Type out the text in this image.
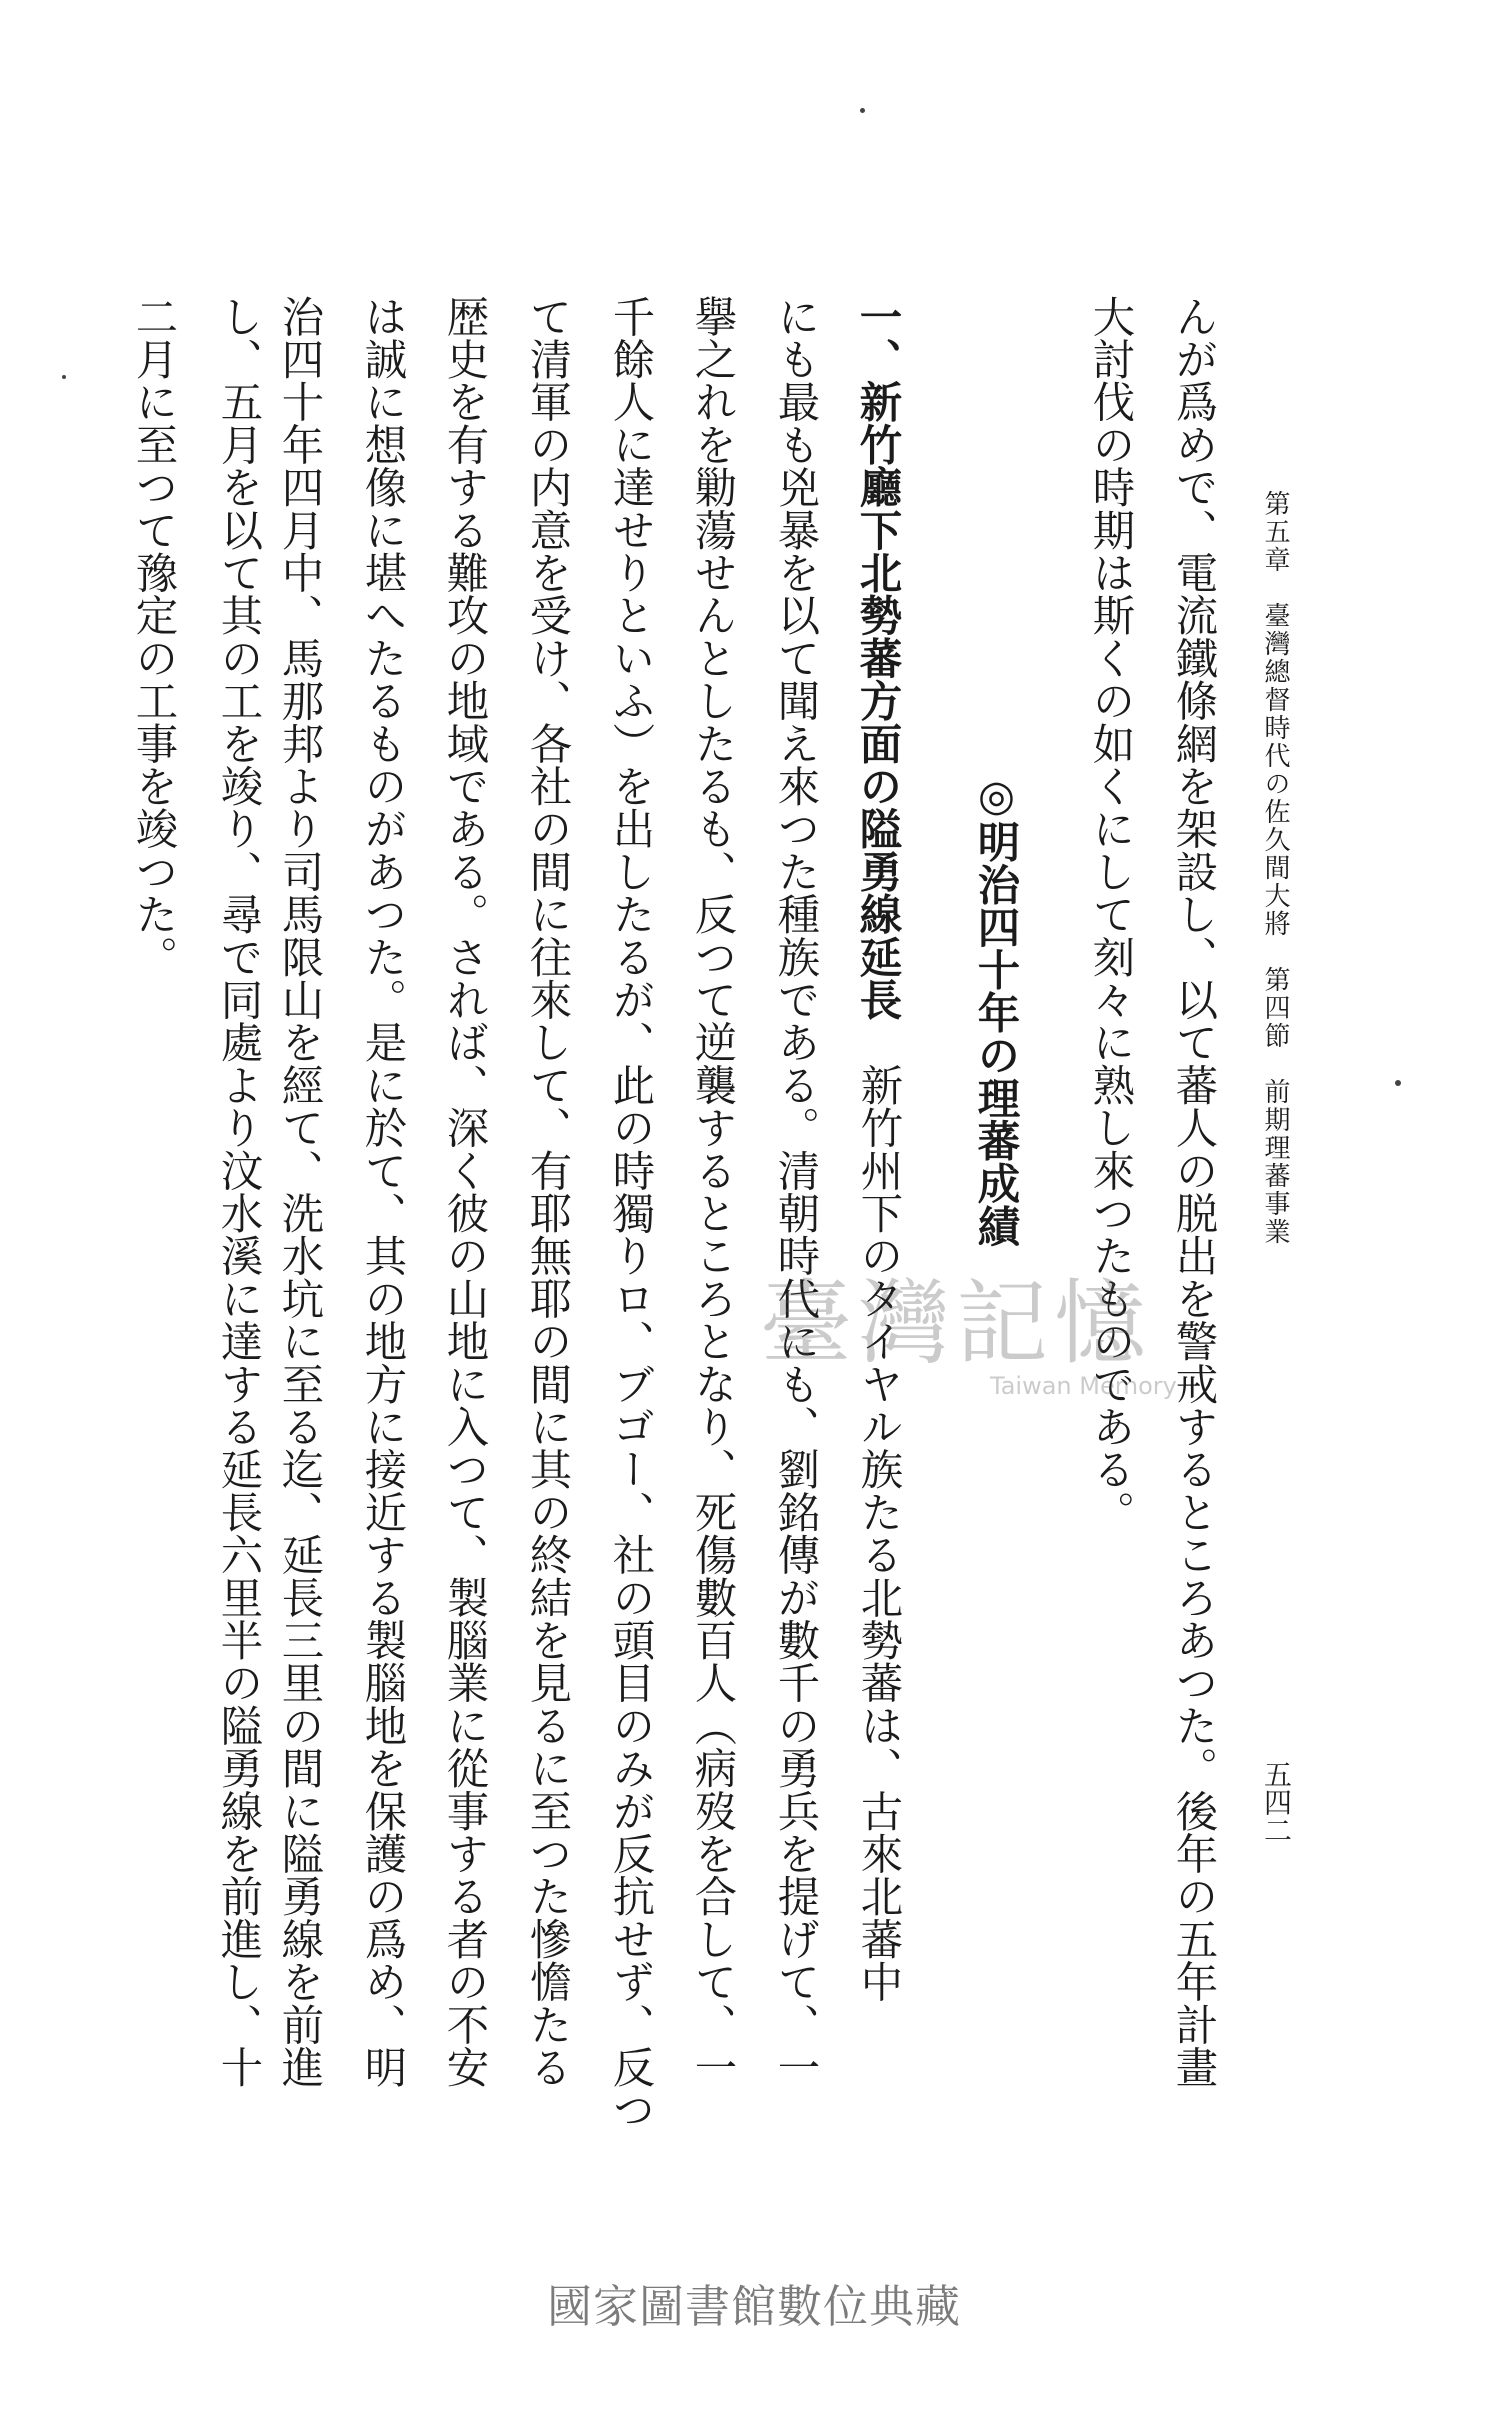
第五章　臺灣總督時代の佐久間大將　第四節　前期理蕃事業
五四二
んが爲めで、電流鐵條網を架設し、以て蕃人の脱出を警戒するところあつた。後年の五年計畫
大討伐の時期は斯くの如くにして刻々に熟し來つたものである。
◎明治四十年の理蕃成績
一、新竹廳下北勢蕃方面の隘勇線延長　新竹州下のタイヤル族たる北勢蕃は、古來北蕃中
にも最も兇暴を以て聞え來つた種族である。清朝時代にも、劉銘傳が數千の勇兵を提げて、一
擧之れを勦蕩せんとしたるも、反つて逆襲するところとなり、死傷數百人（病歿を合して、一
千餘人に達せりといふ）を出したるが、此の時獨りロ、ブゴー、社の頭目のみが反抗せず、反つ
て清軍の内意を受け、各社の間に往來して、有耶無耶の間に其の終結を見るに至つた慘憺たる
歴史を有する難攻の地域である。されば、深く彼の山地に入つて、製腦業に從事する者の不安
は誠に想像に堪へたるものがあつた。是に於て、其の地方に接近する製腦地を保護の爲め、明
治四十年四月中、馬那邦より司馬限山を經て、洗水坑に至る迄、延長三里の間に隘勇線を前進
し、五月を以て其の工を竣り、尋で同處より汶水溪に達する延長六里半の隘勇線を前進し、十
二月に至つて豫定の工事を竣つた。
臺灣記憶
Taiwan Memory
國家圖書館數位典藏
